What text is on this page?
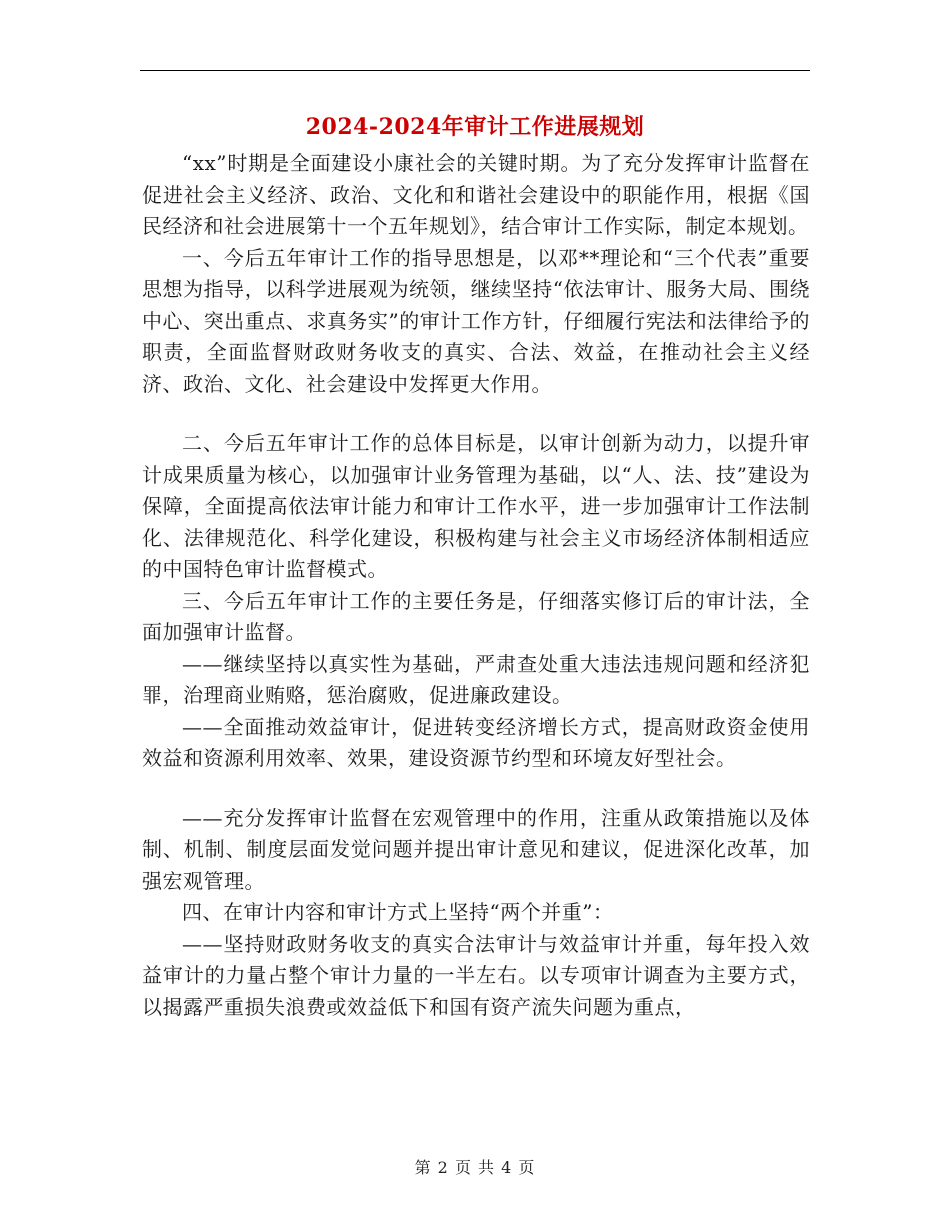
2024-2024年审计工作进展规划

“xx”时期是全面建设小康社会的关键时期。为了充分发挥审计监督在促进社会主义经济、政治、文化和和谐社会建设中的职能作用，根据《国民经济和社会进展第十一个五年规划》，结合审计工作实际，制定本规划。

一、今后五年审计工作的指导思想是，以邓**理论和“三个代表”重要思想为指导，以科学进展观为统领，继续坚持“依法审计、服务大局、围绕中心、突出重点、求真务实”的审计工作方针，仔细履行宪法和法律给予的职责，全面监督财政财务收支的真实、合法、效益，在推动社会主义经济、政治、文化、社会建设中发挥更大作用。

二、今后五年审计工作的总体目标是，以审计创新为动力，以提升审计成果质量为核心，以加强审计业务管理为基础，以“人、法、技”建设为保障，全面提高依法审计能力和审计工作水平，进一步加强审计工作法制化、法律规范化、科学化建设，积极构建与社会主义市场经济体制相适应的中国特色审计监督模式。

三、今后五年审计工作的主要任务是，仔细落实修订后的审计法，全面加强审计监督。

——继续坚持以真实性为基础，严肃查处重大违法违规问题和经济犯罪，治理商业贿赂，惩治腐败，促进廉政建设。

——全面推动效益审计，促进转变经济增长方式，提高财政资金使用效益和资源利用效率、效果，建设资源节约型和环境友好型社会。

——充分发挥审计监督在宏观管理中的作用，注重从政策措施以及体制、机制、制度层面发觉问题并提出审计意见和建议，促进深化改革，加强宏观管理。

四、在审计内容和审计方式上坚持“两个并重”：

——坚持财政财务收支的真实合法审计与效益审计并重，每年投入效益审计的力量占整个审计力量的一半左右。以专项审计调查为主要方式，以揭露严重损失浪费或效益低下和国有资产流失问题为重点，

第 2 页 共 4 页
